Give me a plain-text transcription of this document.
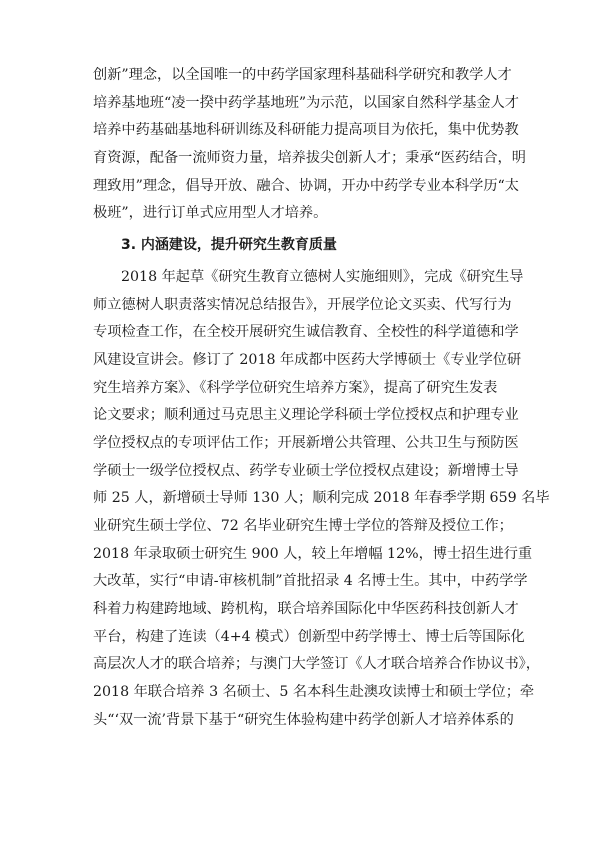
创新”理念，以全国唯一的中药学国家理科基础科学研究和教学人才
培养基地班“凌一揆中药学基地班”为示范，以国家自然科学基金人才
培养中药基础基地科研训练及科研能力提高项目为依托，集中优势教
育资源，配备一流师资力量，培养拔尖创新人才；秉承“医药结合，明
理致用”理念，倡导开放、融合、协调，开办中药学专业本科学历“太
极班”，进行订单式应用型人才培养。
3. 内涵建设，提升研究生教育质量
2018 年起草《研究生教育立德树人实施细则》，完成《研究生导
师立德树人职责落实情况总结报告》，开展学位论文买卖、代写行为
专项检查工作，在全校开展研究生诚信教育、全校性的科学道德和学
风建设宣讲会。修订了 2018 年成都中医药大学博硕士《专业学位研
究生培养方案》、《科学学位研究生培养方案》，提高了研究生发表
论文要求；顺利通过马克思主义理论学科硕士学位授权点和护理专业
学位授权点的专项评估工作；开展新增公共管理、公共卫生与预防医
学硕士一级学位授权点、药学专业硕士学位授权点建设；新增博士导
师 25 人，新增硕士导师 130 人；顺利完成 2018 年春季学期 659 名毕
业研究生硕士学位、72 名毕业研究生博士学位的答辩及授位工作；
2018 年录取硕士研究生 900 人，较上年增幅 12%，博士招生进行重
大改革，实行“申请-审核机制”首批招录 4 名博士生。其中，中药学学
科着力构建跨地域、跨机构，联合培养国际化中华医药科技创新人才
平台，构建了连读（4+4 模式）创新型中药学博士、博士后等国际化
高层次人才的联合培养；与澳门大学签订《人才联合培养合作协议书》，
2018 年联合培养 3 名硕士、5 名本科生赴澳攻读博士和硕士学位；牵
头“‘双一流’背景下基于“研究生体验构建中药学创新人才培养体系的
